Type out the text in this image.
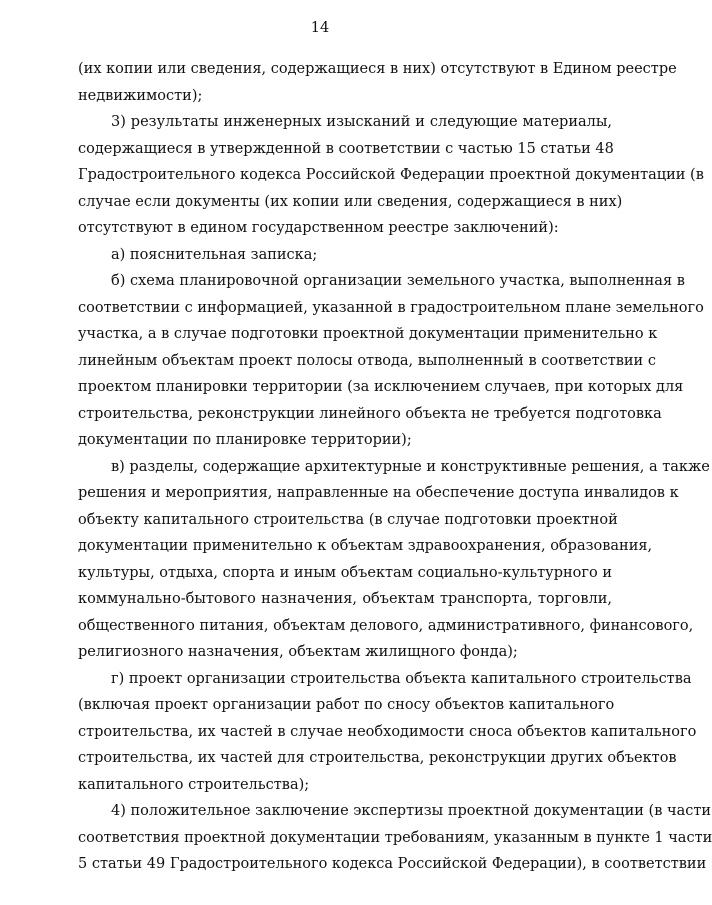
14

(их копии или сведения, содержащиеся в них) отсутствуют в Едином реестре
недвижимости);

3) результаты инженерных изысканий и следующие материалы,
содержащиеся в утвержденной в соответствии с частью 15 статьи 48
Градостроительного кодекса Российской Федерации проектной документации (в
случае если документы (их копии или сведения, содержащиеся в них)
отсутствуют в едином государственном реестре заключений):

а) пояснительная записка;

б) схема планировочной организации земельного участка, выполненная в
соответствии с информацией, указанной в градостроительном плане земельного
участка, а в случае подготовки проектной документации применительно к
линейным объектам проект полосы отвода, выполненный в соответствии с
проектом планировки территории (за исключением случаев, при которых для
строительства, реконструкции линейного объекта не требуется подготовка
документации по планировке территории);

в) разделы, содержащие архитектурные и конструктивные решения, а также
решения и мероприятия, направленные на обеспечение доступа инвалидов к
объекту капитального строительства (в случае подготовки проектной
документации применительно к объектам здравоохранения, образования,
культуры, отдыха, спорта и иным объектам социально-культурного и
коммунально-бытового назначения, объектам транспорта, торговли,
общественного питания, объектам делового, административного, финансового,
религиозного назначения, объектам жилищного фонда);

г) проект организации строительства объекта капитального строительства
(включая проект организации работ по сносу объектов капитального
строительства, их частей в случае необходимости сноса объектов капитального
строительства, их частей для строительства, реконструкции других объектов
капитального строительства);

4) положительное заключение экспертизы проектной документации (в части
соответствия проектной документации требованиям, указанным в пункте 1 части
5 статьи 49 Градостроительного кодекса Российской Федерации), в соответствии
